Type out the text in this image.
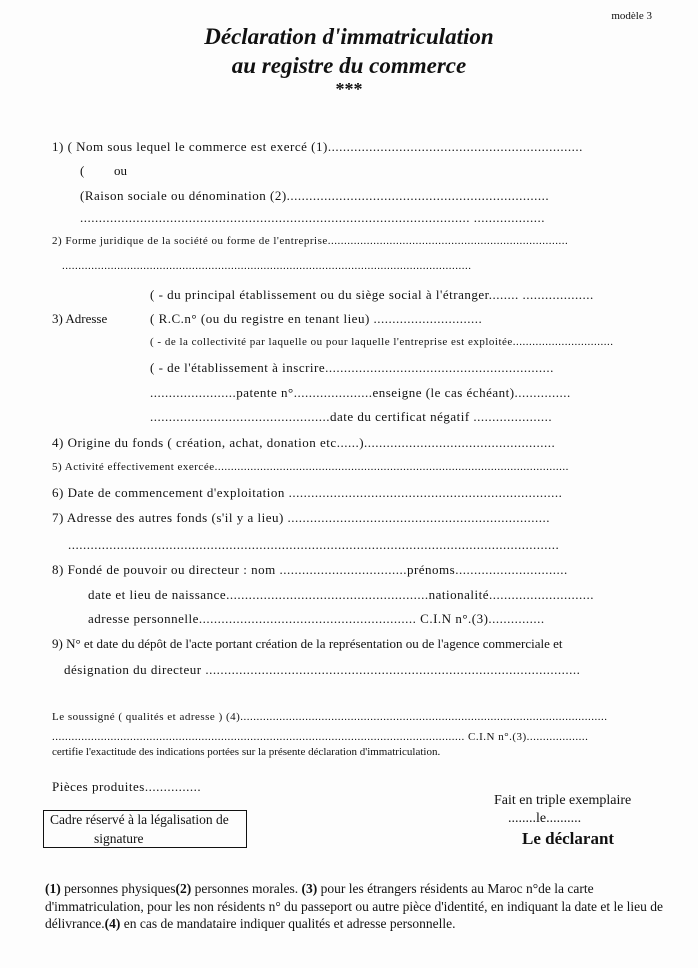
modèle 3
Déclaration d'immatriculation
au registre du commerce
***
1) ( Nom sous lequel le commerce est exercé (1)....................................................................
( ou
(Raison sociale ou dénomination (2)......................................................................
........................................................................................................ ...................
2) Forme juridique de la société ou forme de l'entreprise..........................................................................
..............................................................................................................................
( - du principal établissement ou du siège social à l'étranger........ ...................
3) Adresse	( R.C.n° (ou du registre en tenant lieu) .............................
( - de la collectivité par laquelle ou pour laquelle l'entreprise est exploitée...............................
( - de l'établissement à inscrire.............................................................
.......................patente n°.....................enseigne (le cas échéant)...............
................................................date du certificat négatif .....................
4) Origine du fonds ( création, achat, donation etc......)...................................................
5) Activité effectivement exercée.............................................................................................................
6) Date de commencement d'exploitation .........................................................................
7) Adresse des autres fonds (s'il y a lieu) ......................................................................
...................................................................................................................................
8) Fondé de pouvoir ou directeur : nom ..................................prénoms..............................
date et lieu de naissance......................................................nationalité............................
adresse personnelle.......................................................... C.I.N n°.(3)...............
9) N° et date du dépôt de l'acte portant création de la représentation ou de l'agence commerciale et
désignation du directeur ....................................................................................................
Le soussigné ( qualités et adresse ) (4).................................................................................................................
............................................................................................................................... C.I.N n°.(3)...................
certifie l'exactitude des indications portées sur la présente déclaration d'immatriculation.
Pièces produites...............
Cadre réservé à la légalisation de
signature
Fait en triple exemplaire
........le..........
Le déclarant
(1) personnes physiques(2) personnes morales. (3) pour les étrangers résidents au Maroc n°de la carte d'immatriculation, pour les non résidents n° du passeport ou autre pièce d'identité, en indiquant la date et le lieu de délivrance.(4) en cas de mandataire indiquer qualités et adresse personnelle.
